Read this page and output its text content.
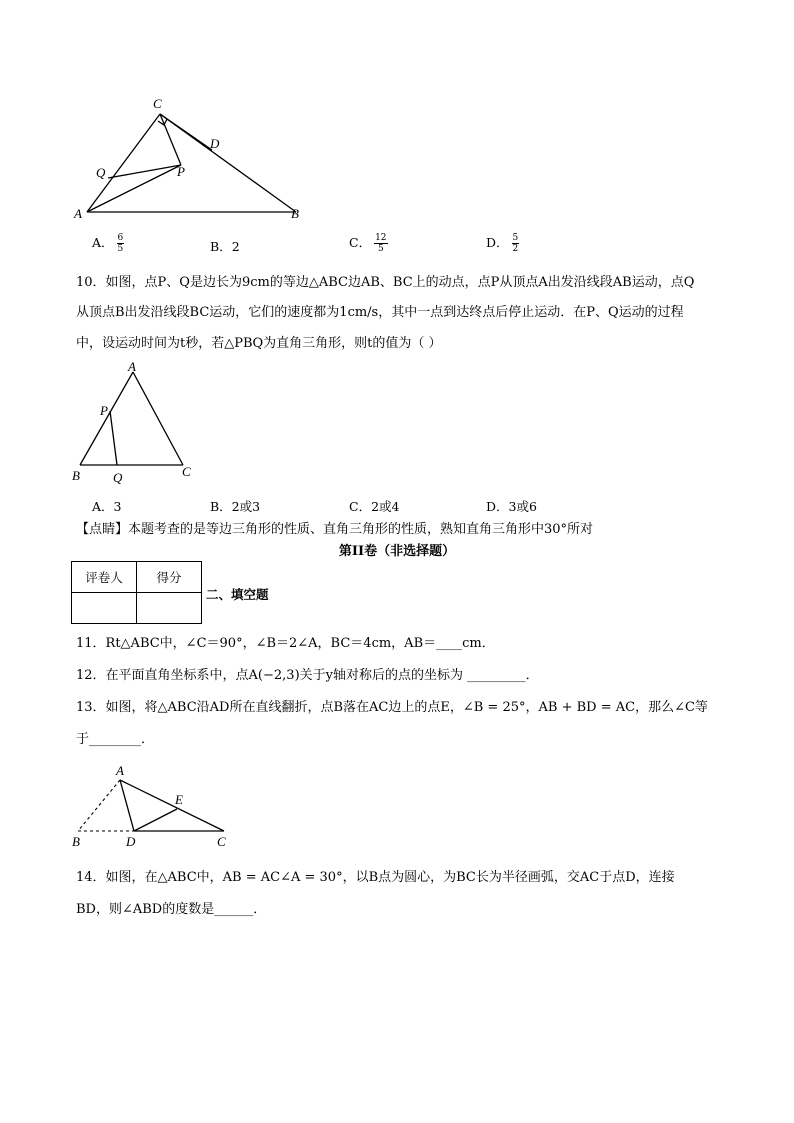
C
D
Q	P
A	B
A． $\frac{6}{5}$	B．2	C． $\frac{12}{5}$	D． $\frac{5}{2}$
10．如图，点P、Q是边长为9cm的等边△ABC边AB、BC上的动点，点P从顶点A出发沿线段AB运动，点Q
从顶点B出发沿线段BC运动，它们的速度都为1cm/s，其中一点到达终点后停止运动．在P、Q运动的过程
中，设运动时间为t秒，若△PBQ为直角三角形，则t的值为（ ）
A
P
B	Q	C
A．3	B．2或3	C．2或4	D．3或6
【点睛】本题考查的是等边三角形的性质、直角三角形的性质，熟知直角三角形中30°所对
第II卷（非选择题）
评卷人	得分

二、填空题
11．Rt△ABC中，∠C＝90°，∠B＝2∠A，BC＝4cm，AB＝____cm．
12．在平面直角坐标系中，点A(−2,3)关于y轴对称后的点的坐标为 _________．
13．如图，将△ABC沿AD所在直线翻折，点B落在AC边上的点E，∠B = 25°，AB + BD = AC，那么∠C等
于________．
A
E
B	D	C
14．如图，在△ABC中，AB = AC∠A = 30°，以B点为圆心，为BC长为半径画弧，交AC于点D，连接
BD，则∠ABD的度数是______．
